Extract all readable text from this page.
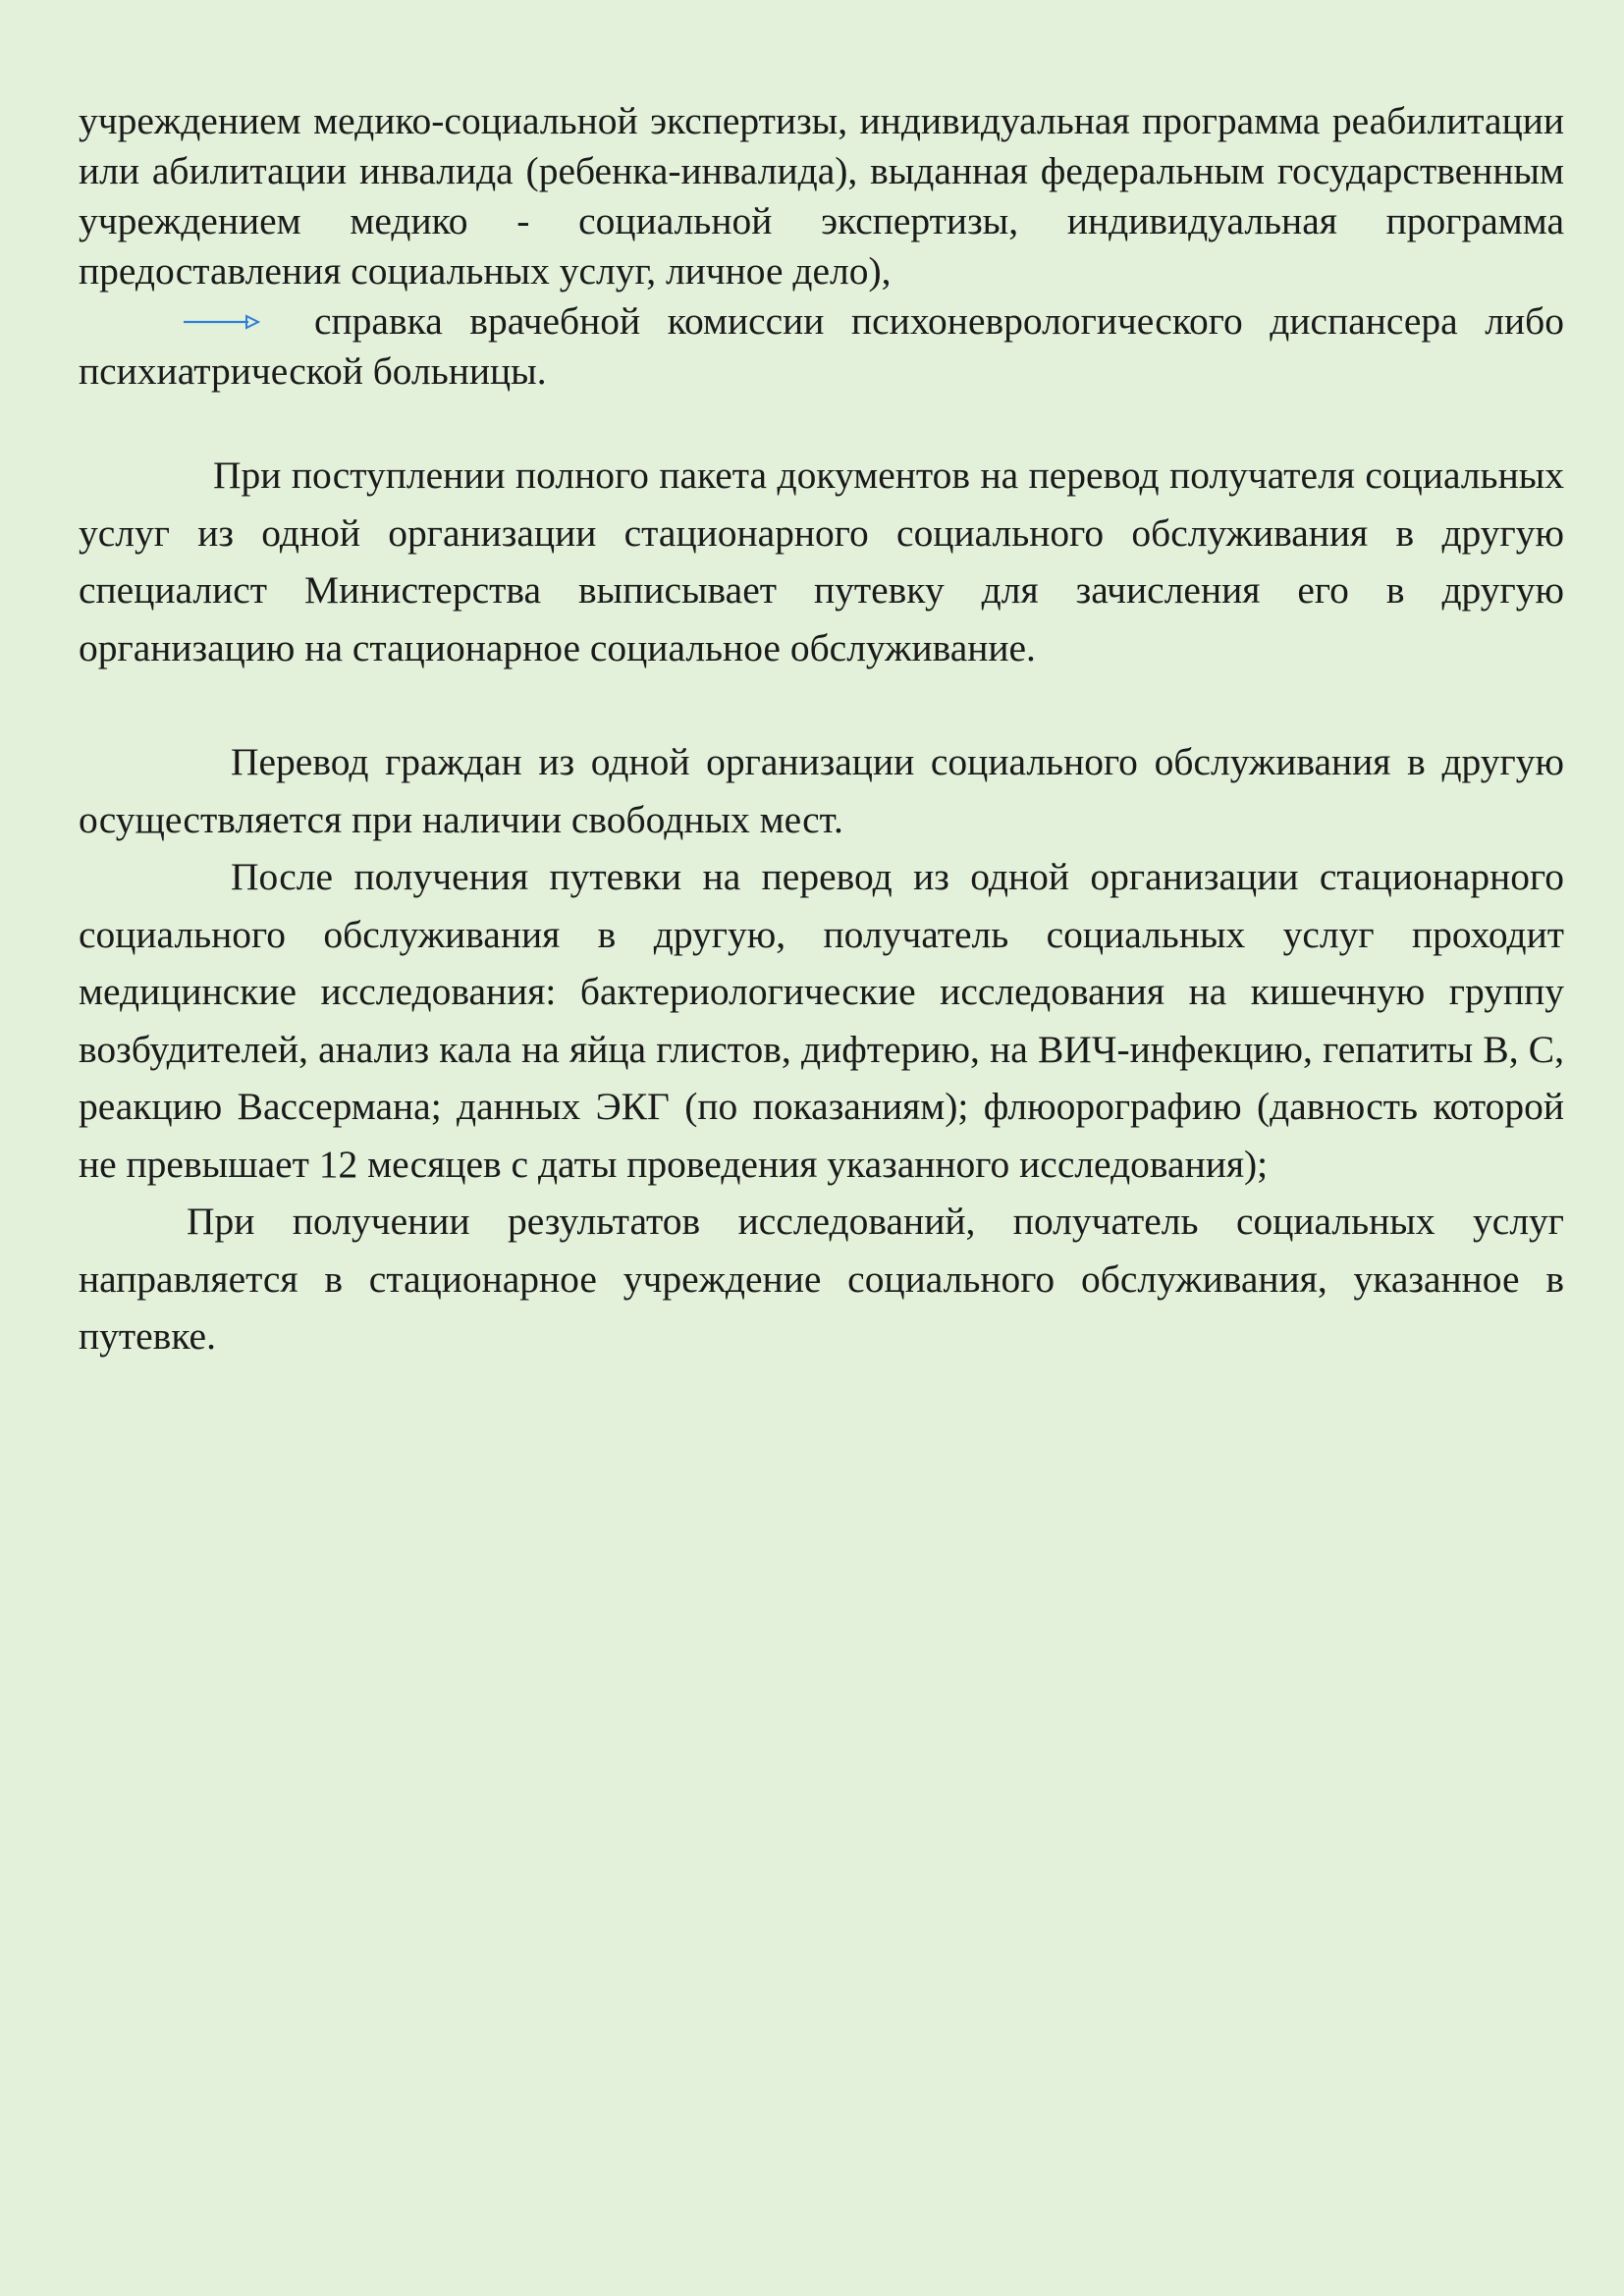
учреждением медико-социальной экспертизы, индивидуальная программа реабилитации или абилитации инвалида (ребенка-инвалида), выданная федеральным государственным учреждением медико - социальной экспертизы, индивидуальная программа предоставления социальных услуг, личное дело),

справка врачебной комиссии психоневрологического диспансера либо психиатрической больницы.

При поступлении полного пакета документов на перевод получателя социальных услуг из одной организации стационарного социального обслуживания в другую специалист Министерства выписывает путевку для зачисления его в другую организацию на стационарное социальное обслуживание.

Перевод граждан из одной организации социального обслуживания в другую осуществляется при наличии свободных мест.

После получения путевки на перевод из одной организации стационарного социального обслуживания в другую, получатель социальных услуг проходит медицинские исследования: бактериологические исследования на кишечную группу возбудителей, анализ кала на яйца глистов, дифтерию, на ВИЧ-инфекцию, гепатиты В, С, реакцию Вассермана; данных ЭКГ (по показаниям); флюорографию (давность которой не превышает 12 месяцев с даты проведения указанного исследования);

При получении результатов исследований, получатель социальных услуг направляется в стационарное учреждение социального обслуживания, указанное в путевке.
